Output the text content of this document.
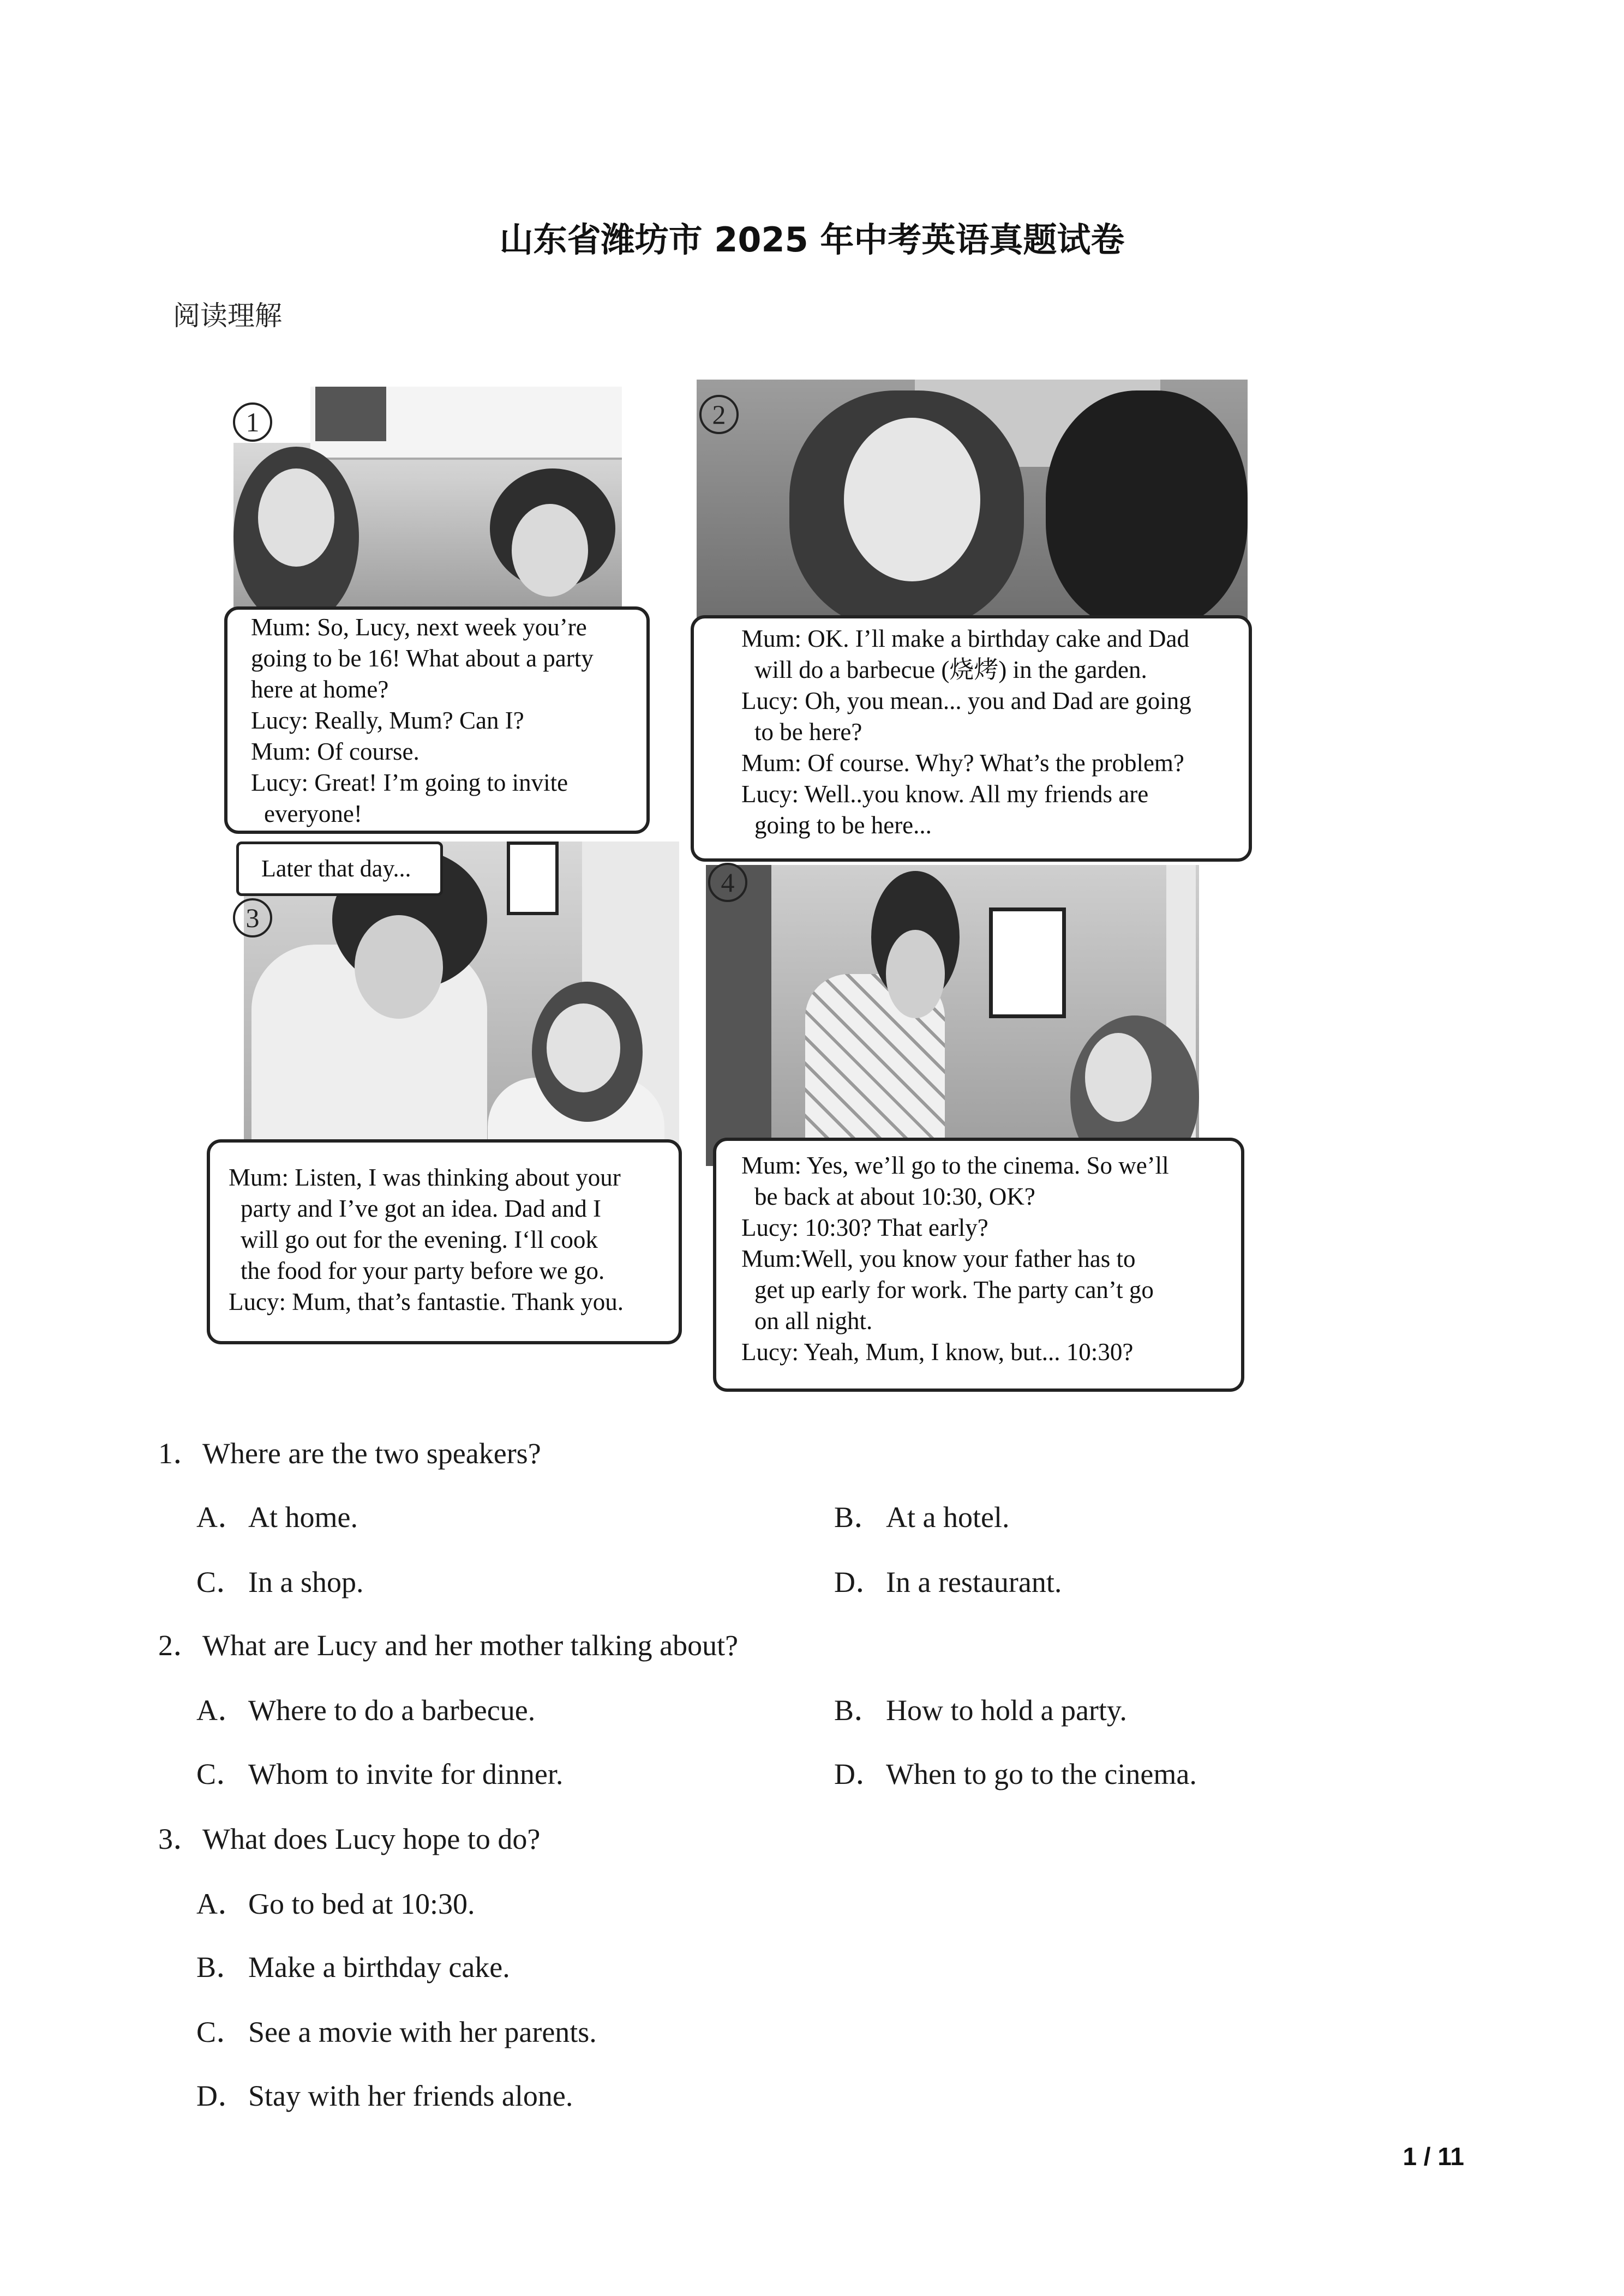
山东省潍坊市 2025 年中考英语真题试卷
阅读理解
1	2
3
4
Mum: So, Lucy, next week you’re
going to be 16! What about a party
here at home?
Lucy: Really, Mum? Can I?
Mum: Of course.
Lucy: Great! I’m going to invite
everyone!
Mum: OK. I’ll make a birthday cake and Dad
will do a barbecue (烧烤) in the garden.
Lucy: Oh, you mean... you and Dad are going
to be here?
Mum: Of course. Why? What’s the problem?
Lucy: Well..you know. All my friends are
going to be here...
Later that day...
Mum: Listen, I was thinking about your
party and I’ve got an idea. Dad and I
will go out for the evening. I‘ll cook
the food for your party before we go.
Lucy: Mum, that’s fantastie. Thank you.
Mum: Yes, we’ll go to the cinema. So we’ll
be back at about 10:30, OK?
Lucy: 10:30? That early?
Mum:Well, you know your father has to
get up early for work. The party can’t go
on all night.
Lucy: Yeah, Mum, I know, but... 10:30?
1．Where are the two speakers?
A．At home.	B．At a hotel.
C．In a shop.	D．In a restaurant.
2．What are Lucy and her mother talking about?
A．Where to do a barbecue.	B．How to hold a party.
C．Whom to invite for dinner.	D．When to go to the cinema.
3．What does Lucy hope to do?
A．Go to bed at 10:30.
B．Make a birthday cake.
C．See a movie with her parents.
D．Stay with her friends alone.
1 / 11
